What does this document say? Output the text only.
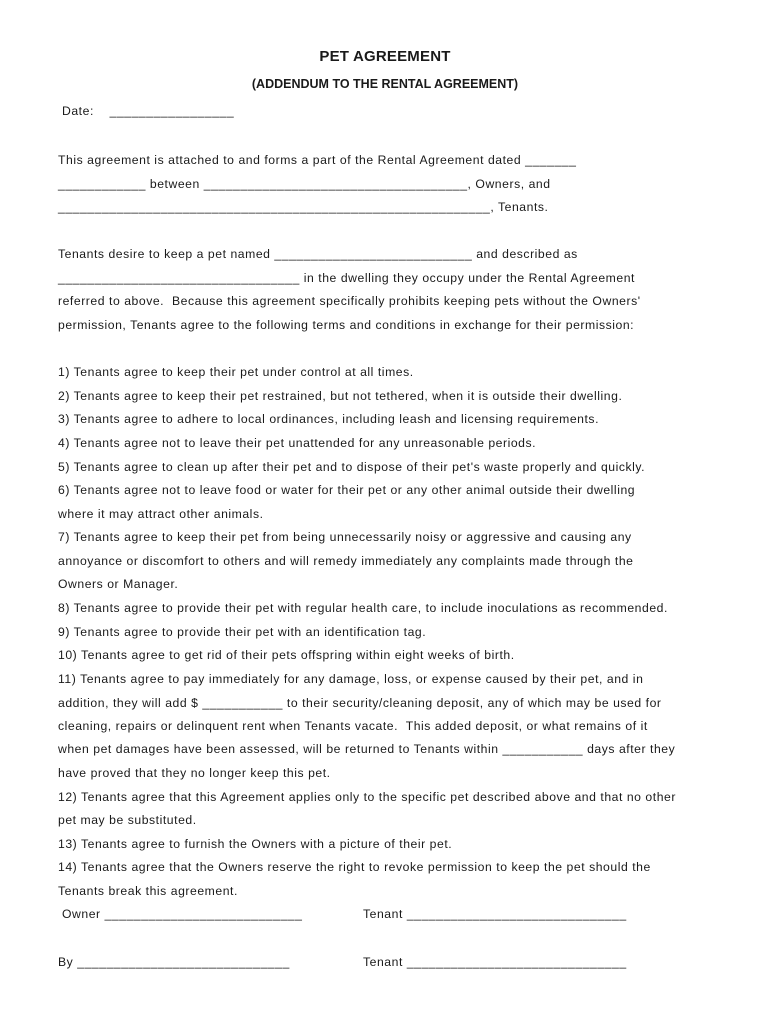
PET AGREEMENT
(ADDENDUM TO THE RENTAL AGREEMENT)
Date:    _________________
This agreement is attached to and forms a part of the Rental Agreement dated _______
____________ between ____________________________________, Owners, and
___________________________________________________________, Tenants.
Tenants desire to keep a pet named ___________________________ and described as
_________________________________ in the dwelling they occupy under the Rental Agreement
referred to above.  Because this agreement specifically prohibits keeping pets without the Owners'
permission, Tenants agree to the following terms and conditions in exchange for their permission:
1) Tenants agree to keep their pet under control at all times.
2) Tenants agree to keep their pet restrained, but not tethered, when it is outside their dwelling.
3) Tenants agree to adhere to local ordinances, including leash and licensing requirements.
4) Tenants agree not to leave their pet unattended for any unreasonable periods.
5) Tenants agree to clean up after their pet and to dispose of their pet's waste properly and quickly.
6) Tenants agree not to leave food or water for their pet or any other animal outside their dwelling
where it may attract other animals.
7) Tenants agree to keep their pet from being unnecessarily noisy or aggressive and causing any
annoyance or discomfort to others and will remedy immediately any complaints made through the
Owners or Manager.
8) Tenants agree to provide their pet with regular health care, to include inoculations as recommended.
9) Tenants agree to provide their pet with an identification tag.
10) Tenants agree to get rid of their pets offspring within eight weeks of birth.
11) Tenants agree to pay immediately for any damage, loss, or expense caused by their pet, and in
addition, they will add $ ___________ to their security/cleaning deposit, any of which may be used for
cleaning, repairs or delinquent rent when Tenants vacate.  This added deposit, or what remains of it
when pet damages have been assessed, will be returned to Tenants within ___________ days after they
have proved that they no longer keep this pet.
12) Tenants agree that this Agreement applies only to the specific pet described above and that no other
pet may be substituted.
13) Tenants agree to furnish the Owners with a picture of their pet.
14) Tenants agree that the Owners reserve the right to revoke permission to keep the pet should the
Tenants break this agreement.
Owner ___________________________	Tenant ______________________________
By _____________________________	Tenant ______________________________
